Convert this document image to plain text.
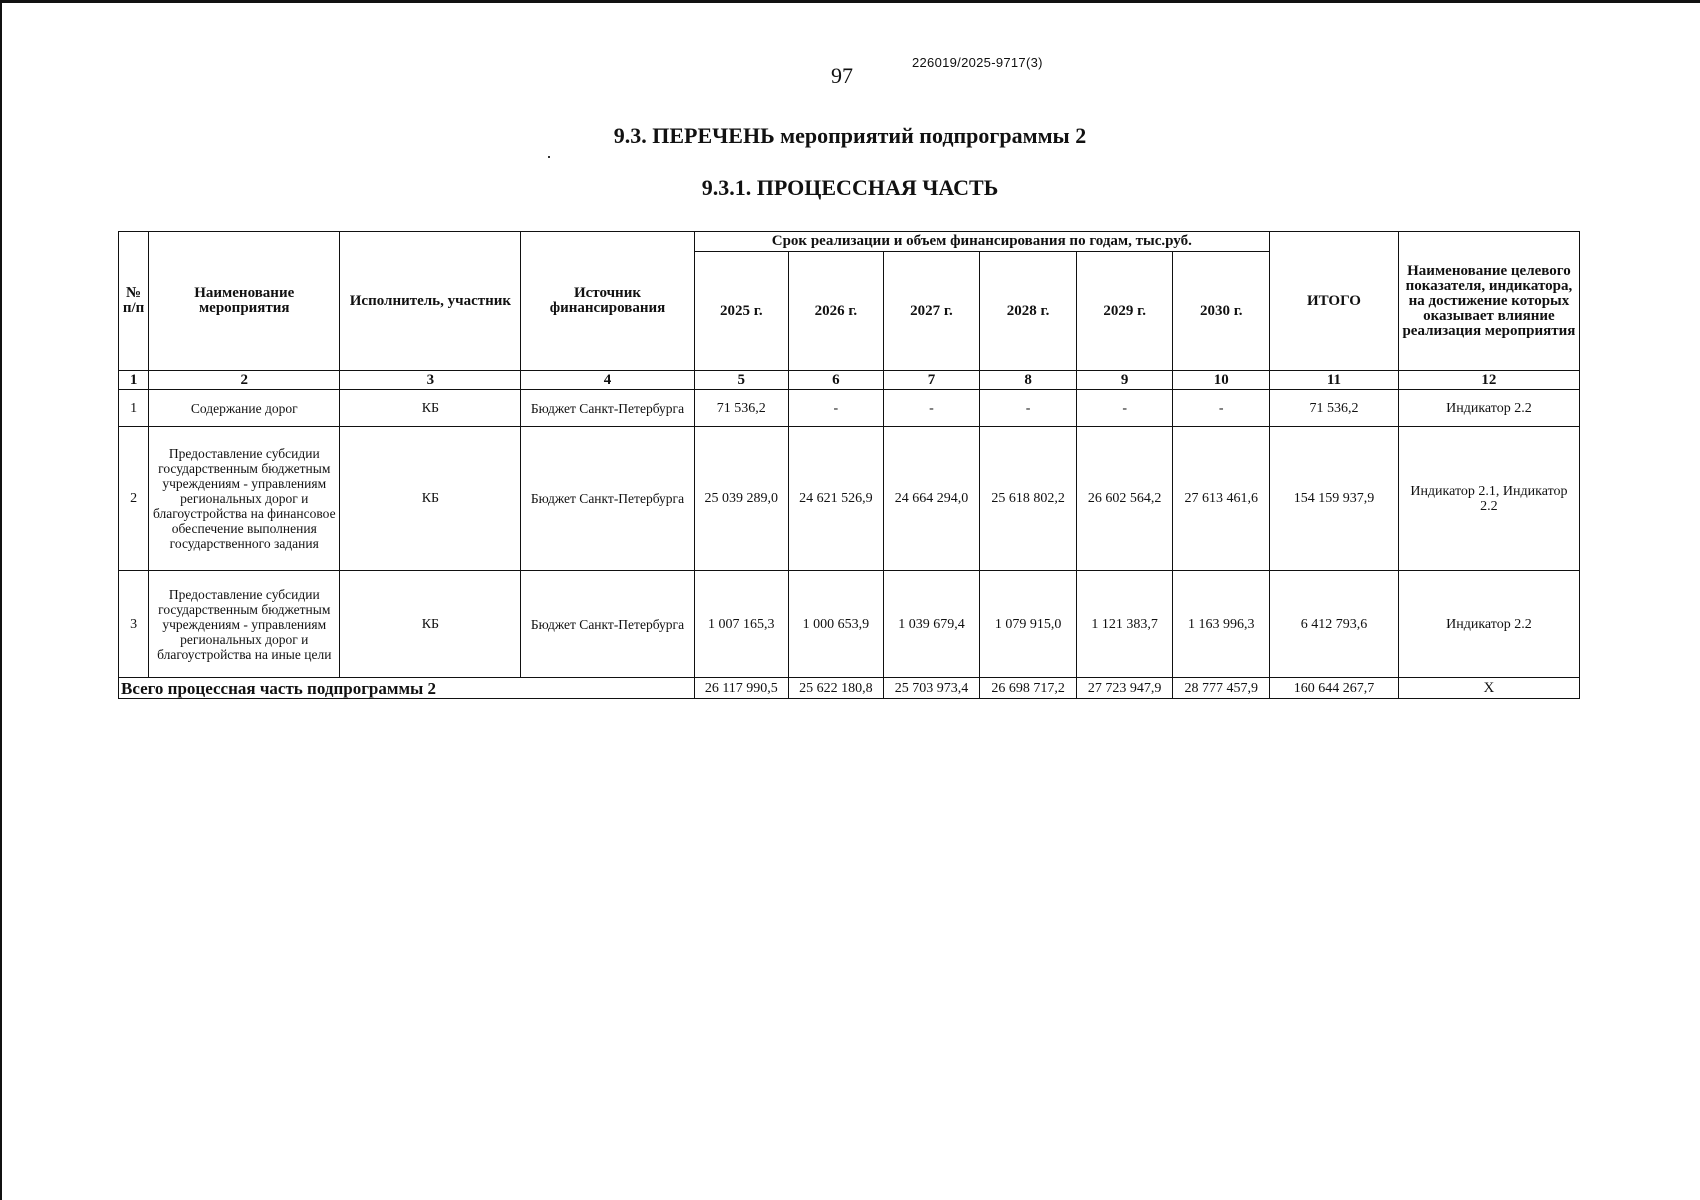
97
226019/2025-9717(3)
9.3. ПЕРЕЧЕНЬ мероприятий подпрограммы 2
9.3.1. ПРОЦЕССНАЯ ЧАСТЬ
№ п/п	Наименование мероприятия	Исполнитель, участник	Источник финансирования	Срок реализации и объем финансирования по годам, тыс.руб.						ИТОГО	Наименование целевого показателя, индикатора, на достижение которых оказывает влияние реализация мероприятия
				2025 г.	2026 г.	2027 г.	2028 г.	2029 г.	2030 г.		
1	2	3	4	5	6	7	8	9	10	11	12
1	Содержание дорог	КБ	Бюджет Санкт-Петербурга	71 536,2	-	-	-	-	-	71 536,2	Индикатор 2.2
2	Предоставление субсидии государственным бюджетным учреждениям - управлениям региональных дорог и благоустройства на финансовое обеспечение выполнения государственного задания	КБ	Бюджет Санкт-Петербурга	25 039 289,0	24 621 526,9	24 664 294,0	25 618 802,2	26 602 564,2	27 613 461,6	154 159 937,9	Индикатор 2.1, Индикатор 2.2
3	Предоставление субсидии государственным бюджетным учреждениям - управлениям региональных дорог и благоустройства на иные цели	КБ	Бюджет Санкт-Петербурга	1 007 165,3	1 000 653,9	1 039 679,4	1 079 915,0	1 121 383,7	1 163 996,3	6 412 793,6	Индикатор 2.2
Всего процессная часть подпрограммы 2				26 117 990,5	25 622 180,8	25 703 973,4	26 698 717,2	27 723 947,9	28 777 457,9	160 644 267,7	X
